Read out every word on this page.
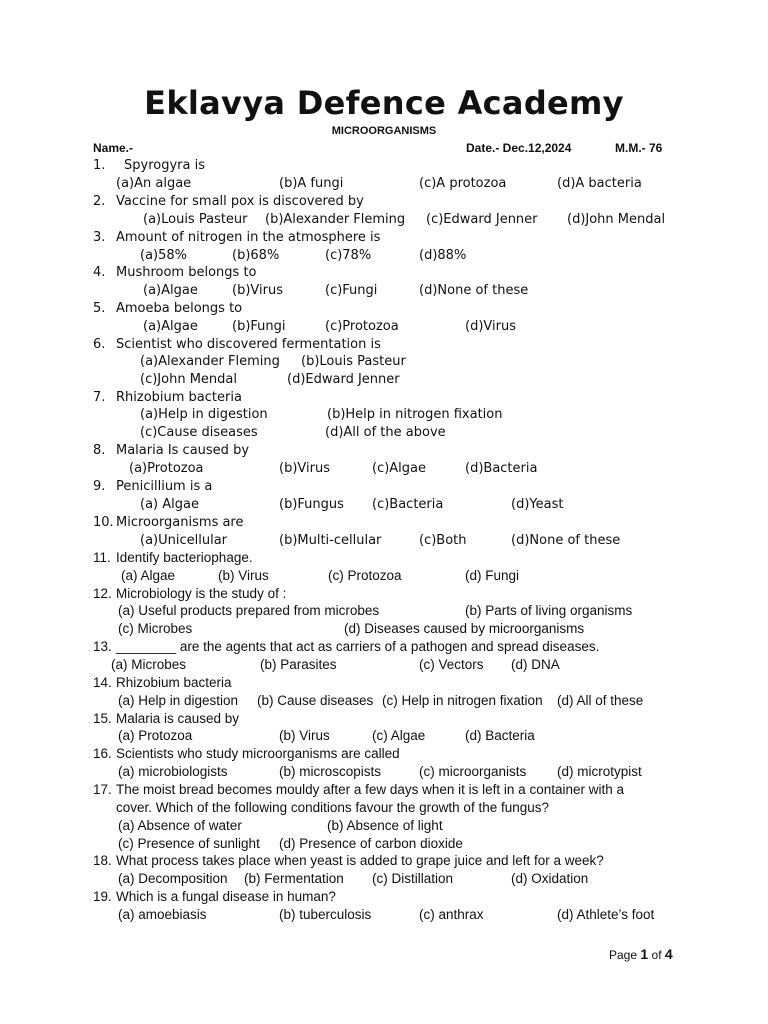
Eklavya Defence Academy
MICROORGANISMS
Name.-	Date.- Dec.12,2024	M.M.- 76
1. Spyrogyra is
(a)An algae	(b)A fungi	(c)A protozoa	(d)A bacteria
2. Vaccine for small pox is discovered by
(a)Louis Pasteur (b)Alexander Fleming (c)Edward Jenner (d)John Mendal
3. Amount of nitrogen in the atmosphere is
(a)58%	(b)68%	(c)78%	(d)88%
4. Mushroom belongs to
(a)Algae	(b)Virus	(c)Fungi	(d)None of these
5. Amoeba belongs to
(a)Algae	(b)Fungi	(c)Protozoa	(d)Virus
6. Scientist who discovered fermentation is
(a)Alexander Fleming (b)Louis Pasteur
(c)John Mendal	(d)Edward Jenner
7. Rhizobium bacteria
(a)Help in digestion	(b)Help in nitrogen fixation
(c)Cause diseases	(d)All of the above
8. Malaria Is caused by
(a)Protozoa	(b)Virus	(c)Algae	(d)Bacteria
9. Penicillium is a
(a) Algae	(b)Fungus (c)Bacteria	(d)Yeast
10. Microorganisms are
(a)Unicellular	(b)Multi-cellular	(c)Both	(d)None of these
11. Identify bacteriophage.
(a) Algae	(b) Virus	(c) Protozoa	(d) Fungi
12. Microbiology is the study of :
(a) Useful products prepared from microbes	(b) Parts of living organisms
(c) Microbes	(d) Diseases caused by microorganisms
13. ________ are the agents that act as carriers of a pathogen and spread diseases.
(a) Microbes	(b) Parasites	(c) Vectors (d) DNA
14. Rhizobium bacteria
(a) Help in digestion (b) Cause diseases (c) Help in nitrogen fixation (d) All of these
15. Malaria is caused by
(a) Protozoa	(b) Virus	(c) Algae	(d) Bacteria
16. Scientists who study microorganisms are called
(a) microbiologists	(b) microscopists	(c) microorganists (d) microtypist
17. The moist bread becomes mouldy after a few days when it is left in a container with a
cover. Which of the following conditions favour the growth of the fungus?
(a) Absence of water	(b) Absence of light
(c) Presence of sunlight (d) Presence of carbon dioxide
18. What process takes place when yeast is added to grape juice and left for a week?
(a) Decomposition (b) Fermentation (c) Distillation	(d) Oxidation
19. Which is a fungal disease in human?
(a) amoebiasis	(b) tuberculosis	(c) anthrax	(d) Athlete’s foot
Page 1 of 4
